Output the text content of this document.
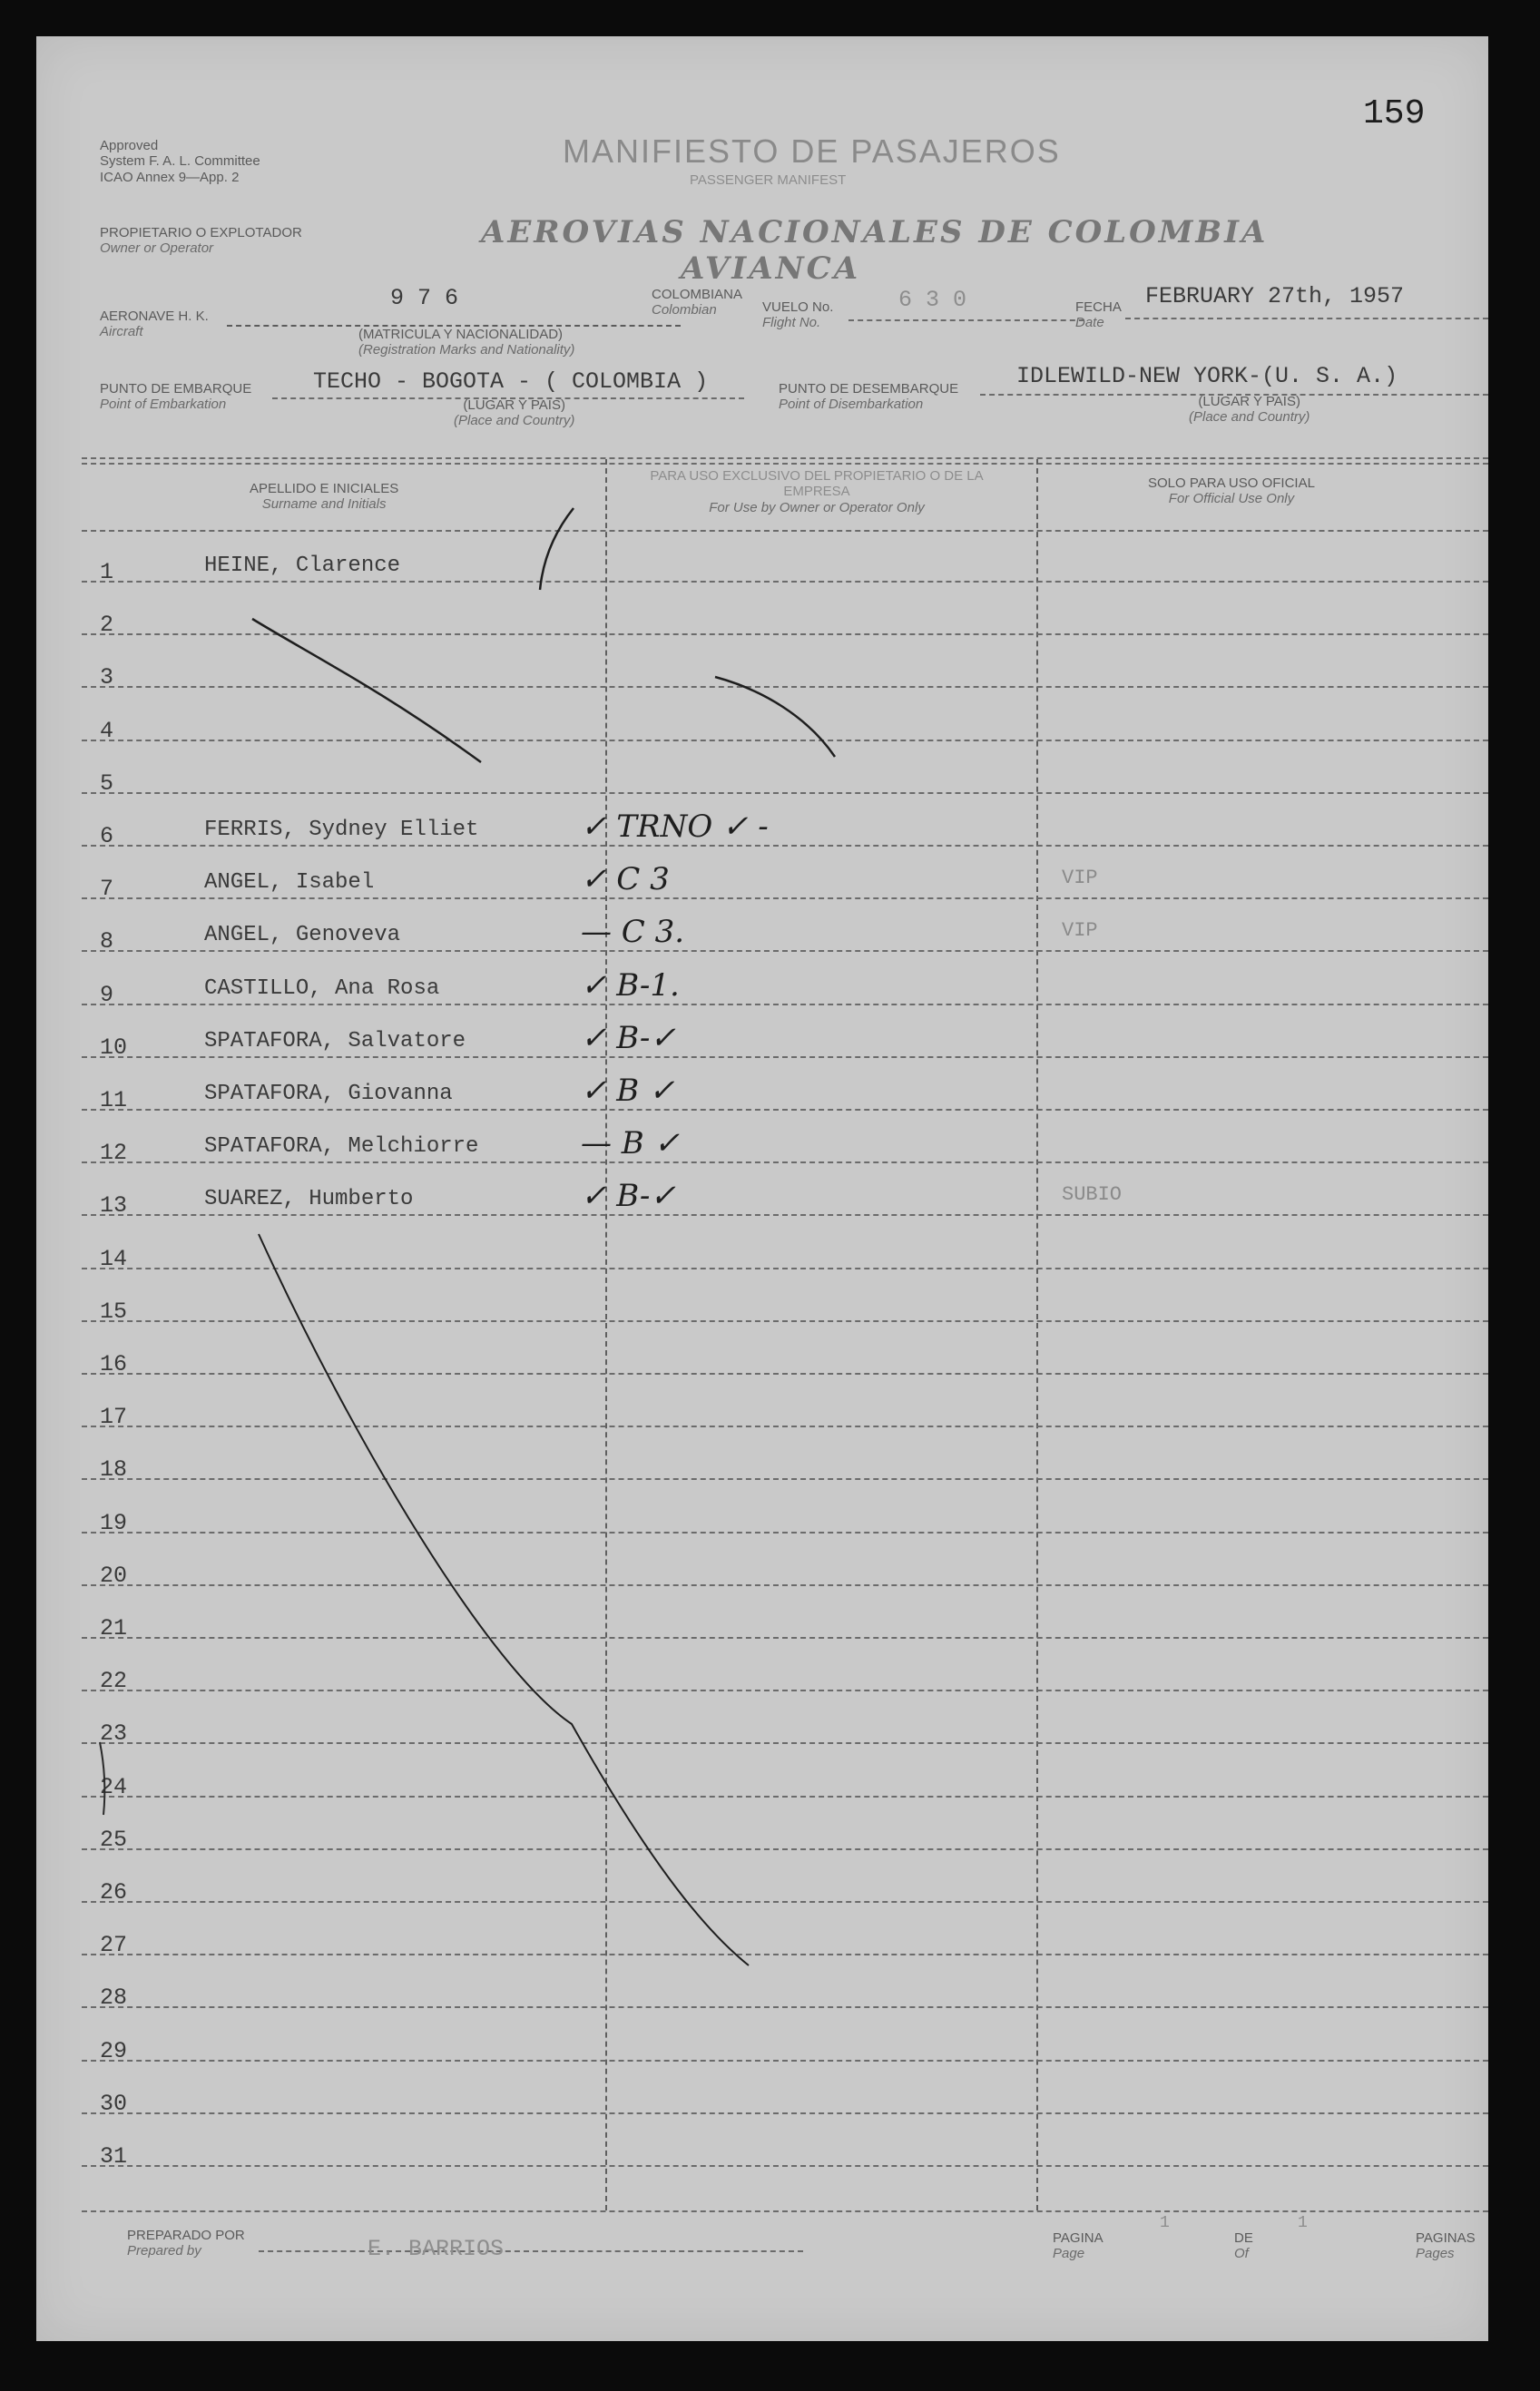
159
Approved
System F. A. L. Committee
ICAO Annex 9—App. 2
MANIFIESTO DE PASAJEROS
PASSENGER MANIFEST
PROPIETARIO O EXPLOTADOR
Owner or Operator	AEROVIAS NACIONALES DE COLOMBIA
AVIANCA
AERONAVE H. K.
Aircraft
9 7 6
(MATRICULA Y NACIONALIDAD)
(Registration Marks and Nationality)
COLOMBIANA
Colombian	VUELO No.
Flight No.
6 3 0	FECHA
Date
FEBRUARY 27th, 1957
PUNTO DE EMBARQUE
Point of Embarkation
TECHO - BOGOTA - ( COLOMBIA )
(LUGAR Y PAIS)
(Place and Country)
PUNTO DE DESEMBARQUE
Point of Disembarkation
IDLEWILD-NEW YORK-(U. S. A.)
(LUGAR Y PAIS)
(Place and Country)
APELLIDO E INICIALES
Surname and Initials
PARA USO EXCLUSIVO DEL PROPIETARIO O DE LA EMPRESA
For Use by Owner or Operator Only
SOLO PARA USO OFICIAL
For Official Use Only
1	HEINE, Clarence
2
3
4
5
6	FERRIS, Sydney Elliet	✓ TRNO ✓ -
7	ANGEL, Isabel	✓ C 3	VIP
8	ANGEL, Genoveva	— C 3.	VIP
9	CASTILLO, Ana Rosa	✓ B-1.
10	SPATAFORA, Salvatore	✓ B-✓
11	SPATAFORA, Giovanna	✓ B ✓
12	SPATAFORA, Melchiorre	— B ✓
13	SUAREZ, Humberto	✓ B-✓	SUBIO
14
15
16
17
18
19
20
21
22
23
24
25
26
27
28
29
30
31
PREPARADO POR
Prepared by	E. BARRIOS	PAGINA
Page
1
DE
Of
1
PAGINAS
Pages
